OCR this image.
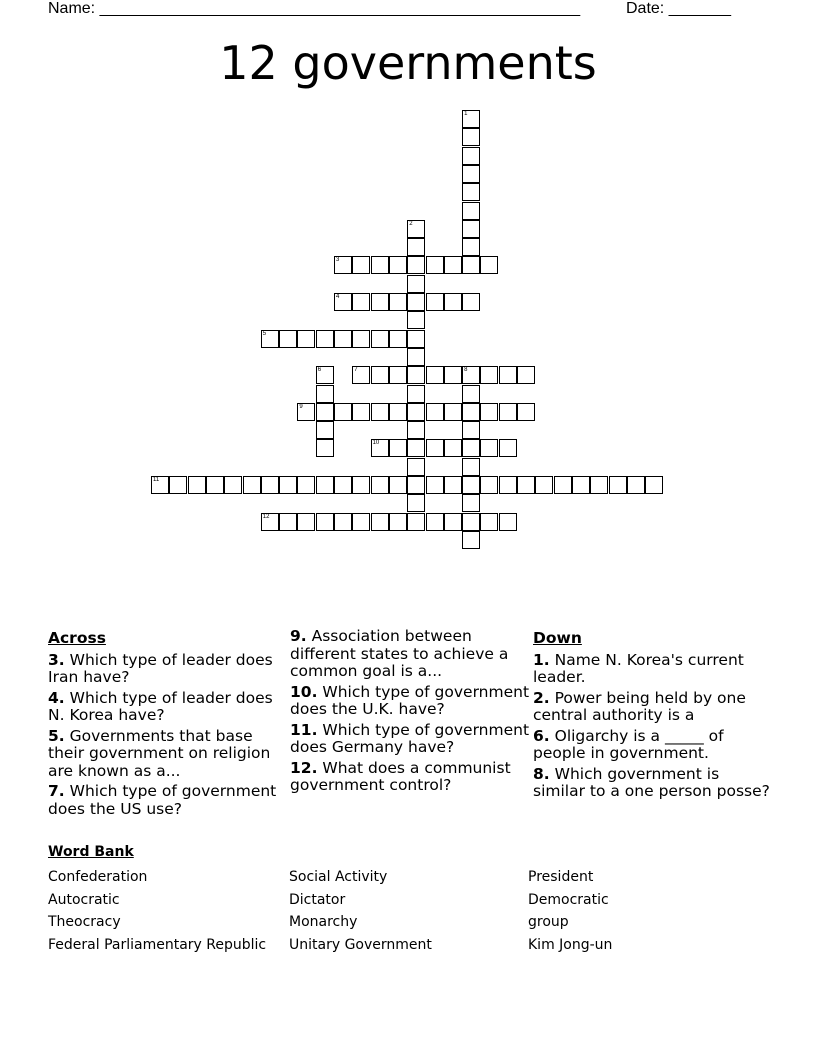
Name: ______________________________________________________	Date: _______
12 governments
1
2
3
4
5
6	7	8
9
10
11
12
Across
3. Which type of leader does Iran have?
4. Which type of leader does N. Korea have?
5. Governments that base their government on religion are known as a...
7. Which type of government does the US use?
9. Association between different states to achieve a common goal is a...
10. Which type of government does the U.K. have?
11. Which type of government does Germany have?
12. What does a communist government control?
Down
1. Name N. Korea's current leader.
2. Power being held by one central authority is a
6. Oligarchy is a _____ of people in government.
8. Which government is similar to a one person posse?
Word Bank
Confederation
Autocratic
Theocracy
Federal Parliamentary Republic
Social Activity
Dictator
Monarchy
Unitary Government
President
Democratic
group
Kim Jong-un
